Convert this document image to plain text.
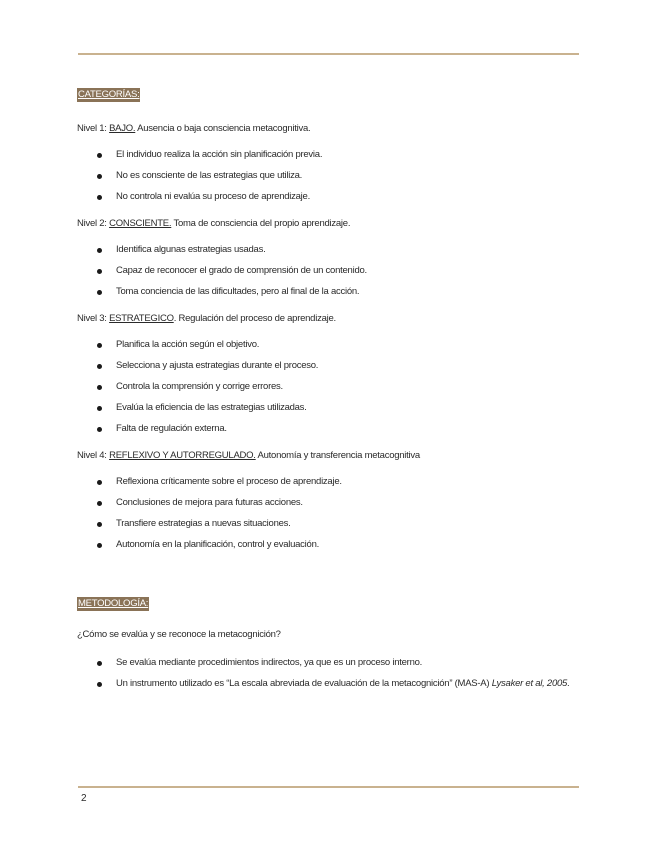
CATEGORÍAS:

Nivel 1: BAJO. Ausencia o baja consciencia metacognitiva.

El individuo realiza la acción sin planificación previa.
No es consciente de las estrategias que utiliza.
No controla ni evalúa su proceso de aprendizaje.

Nivel 2: CONSCIENTE. Toma de consciencia del propio aprendizaje.

Identifica algunas estrategias usadas.
Capaz de reconocer el grado de comprensión de un contenido.
Toma conciencia de las dificultades, pero al final de la acción.

Nivel 3: ESTRATEGICO. Regulación del proceso de aprendizaje.

Planifica la acción según el objetivo.
Selecciona y ajusta estrategias durante el proceso.
Controla la comprensión y corrige errores.
Evalúa la eficiencia de las estrategias utilizadas.
Falta de regulación externa.

Nivel 4: REFLEXIVO Y AUTORREGULADO. Autonomía y transferencia metacognitiva

Reflexiona críticamente sobre el proceso de aprendizaje.
Conclusiones de mejora para futuras acciones.
Transfiere estrategias a nuevas situaciones.
Autonomía en la planificación, control y evaluación.
METODOLOGÍA:

¿Cómo se evalúa y se reconoce la metacognición?

Se evalúa mediante procedimientos indirectos, ya que es un proceso interno.
Un instrumento utilizado es “La escala abreviada de evaluación de la metacognición” (MAS-A) Lysaker et al, 2005.
2
